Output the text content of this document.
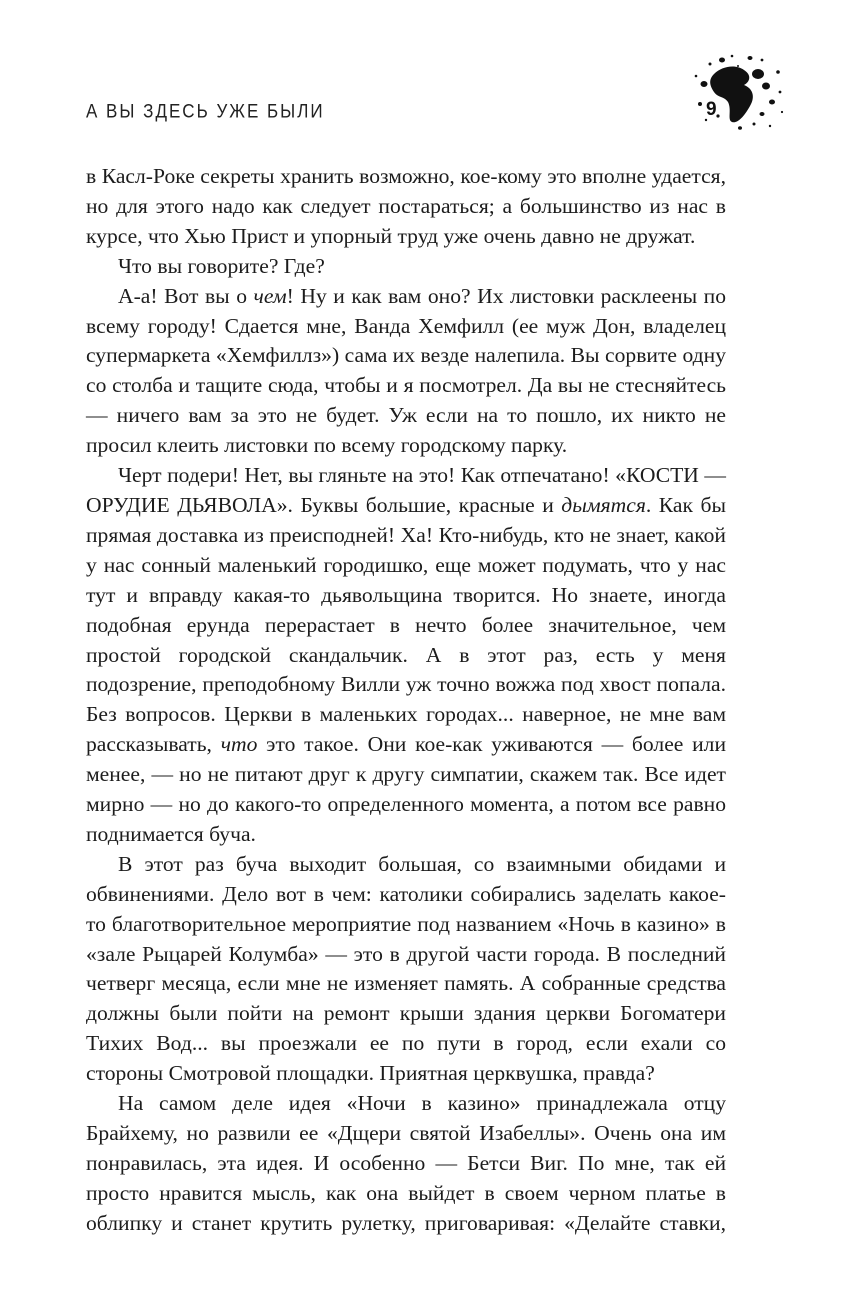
А ВЫ ЗДЕСЬ УЖЕ БЫЛИ	9

в Касл-Роке секреты хранить возможно, кое-кому это вполне удается, но для этого надо как следует постараться; а большинство из нас в курсе, что Хью Прист и упорный труд уже очень давно не дружат.

Что вы говорите? Где?

А-а! Вот вы о чем! Ну и как вам оно? Их листовки расклеены по всему городу! Сдается мне, Ванда Хемфилл (ее муж Дон, владелец супермаркета «Хемфиллз») сама их везде налепила. Вы сорвите одну со столба и тащите сюда, чтобы и я посмотрел. Да вы не стесняйтесь — ничего вам за это не будет. Уж если на то пошло, их никто не просил клеить листовки по всему городскому парку.

Черт подери! Нет, вы гляньте на это! Как отпечатано! «КОСТИ — ОРУДИЕ ДЬЯВОЛА». Буквы большие, красные и дымятся. Как бы прямая доставка из преисподней! Ха! Кто-нибудь, кто не знает, какой у нас сонный маленький городишко, еще может подумать, что у нас тут и вправду какая-то дьявольщина творится. Но знаете, иногда подобная ерунда перерастает в нечто более значительное, чем простой городской скандальчик. А в этот раз, есть у меня подозрение, преподобному Вилли уж точно вожжа под хвост попала. Без вопросов. Церкви в маленьких городах... наверное, не мне вам рассказывать, что это такое. Они кое-как уживаются — более или менее, — но не питают друг к другу симпатии, скажем так. Все идет мирно — но до какого-то определенного момента, а потом все равно поднимается буча.

В этот раз буча выходит большая, со взаимными обидами и обвинениями. Дело вот в чем: католики собирались заделать какое-то благотворительное мероприятие под названием «Ночь в казино» в «зале Рыцарей Колумба» — это в другой части города. В последний четверг месяца, если мне не изменяет память. А собранные средства должны были пойти на ремонт крыши здания церкви Богоматери Тихих Вод... вы проезжали ее по пути в город, если ехали со стороны Смотровой площадки. Приятная церквушка, правда?

На самом деле идея «Ночи в казино» принадлежала отцу Брайхему, но развили ее «Дщери святой Изабеллы». Очень она им понравилась, эта идея. И особенно — Бетси Виг. По мне, так ей просто нравится мысль, как она выйдет в своем черном платье в облипку и станет крутить рулетку, приговаривая: «Делайте ставки,
